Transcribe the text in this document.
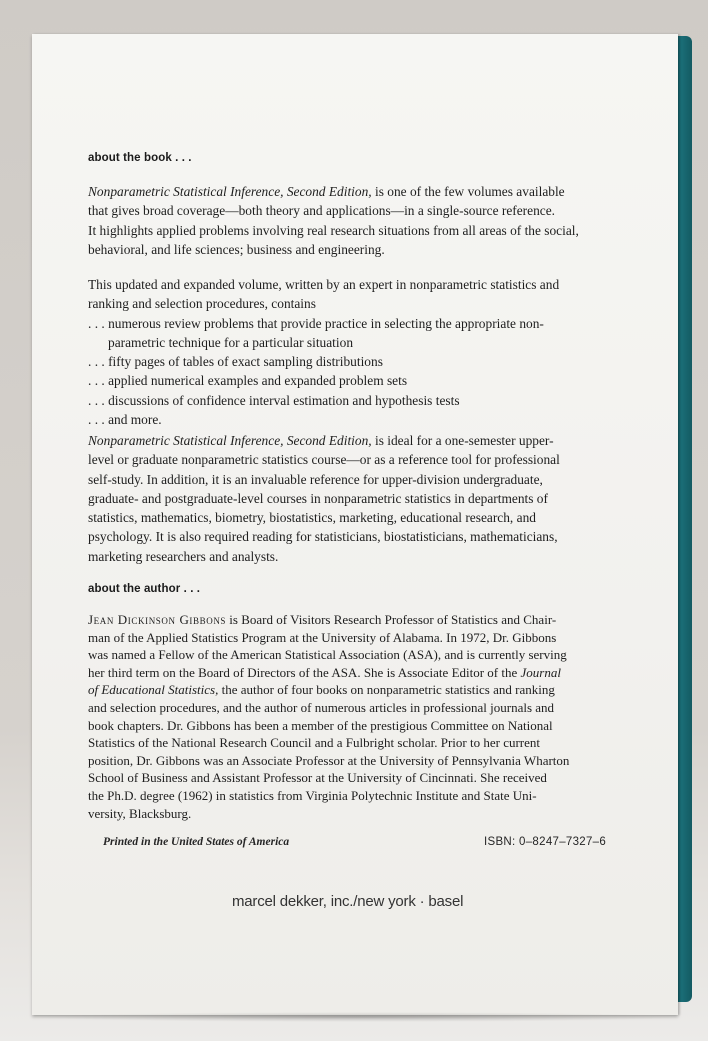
about the book . . .
Nonparametric Statistical Inference, Second Edition, is one of the few volumes available
that gives broad coverage—both theory and applications—in a single-source reference.
It highlights applied problems involving real research situations from all areas of the social,
behavioral, and life sciences; business and engineering.
This updated and expanded volume, written by an expert in nonparametric statistics and
ranking and selection procedures, contains
. . . numerous review problems that provide practice in selecting the appropriate non-
parametric technique for a particular situation
. . . fifty pages of tables of exact sampling distributions
. . . applied numerical examples and expanded problem sets
. . . discussions of confidence interval estimation and hypothesis tests
. . . and more.
Nonparametric Statistical Inference, Second Edition, is ideal for a one-semester upper-
level or graduate nonparametric statistics course—or as a reference tool for professional
self-study. In addition, it is an invaluable reference for upper-division undergraduate,
graduate- and postgraduate-level courses in nonparametric statistics in departments of
statistics, mathematics, biometry, biostatistics, marketing, educational research, and
psychology. It is also required reading for statisticians, biostatisticians, mathematicians,
marketing researchers and analysts.
about the author . . .
Jean Dickinson Gibbons is Board of Visitors Research Professor of Statistics and Chair-
man of the Applied Statistics Program at the University of Alabama. In 1972, Dr. Gibbons
was named a Fellow of the American Statistical Association (ASA), and is currently serving
her third term on the Board of Directors of the ASA. She is Associate Editor of the Journal
of Educational Statistics, the author of four books on nonparametric statistics and ranking
and selection procedures, and the author of numerous articles in professional journals and
book chapters. Dr. Gibbons has been a member of the prestigious Committee on National
Statistics of the National Research Council and a Fulbright scholar. Prior to her current
position, Dr. Gibbons was an Associate Professor at the University of Pennsylvania Wharton
School of Business and Assistant Professor at the University of Cincinnati. She received
the Ph.D. degree (1962) in statistics from Virginia Polytechnic Institute and State Uni-
versity, Blacksburg.
Printed in the United States of America	ISBN: 0–8247–7327–6
marcel dekker, inc./new york · basel
